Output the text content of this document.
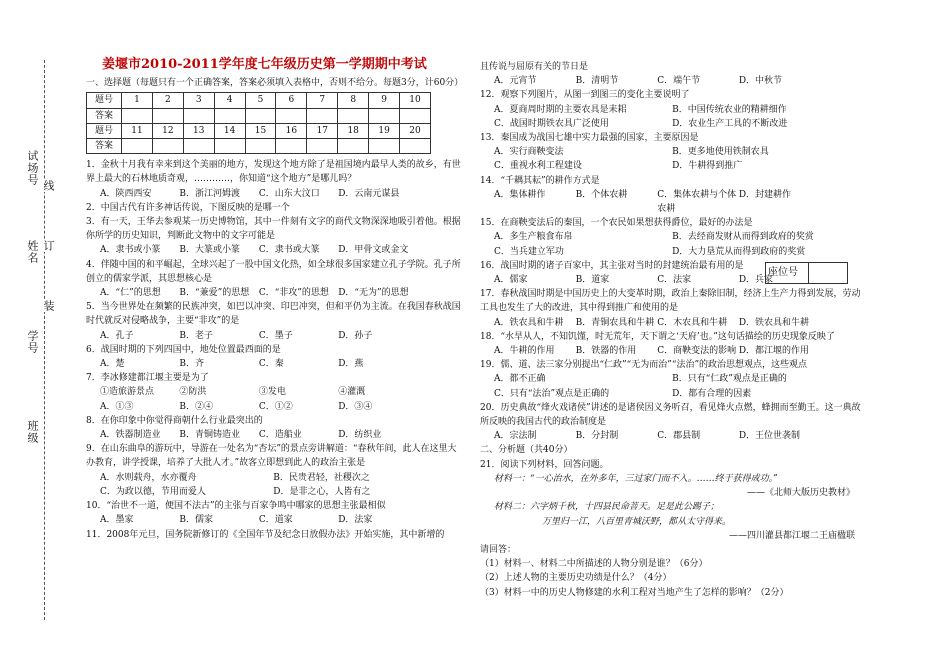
试场号
姓名
学号
班级
装
订
线
姜堰市2010-2011学年度七年级历史第一学期期中考试

一、选择题（每题只有一个正确答案，答案必须填入表格中，否则不给分。每题3分，计60分）

题号	1	2	3	4	5	6	7	8	9	10
答案										
题号	11	12	13	14	15	16	17	18	19	20
答案										

1．金秋十月我有幸来到这个美丽的地方，发现这个地方除了是祖国境内最早人类的故乡，有世界上最大的石林地质奇观，…………，你知道“这个地方”是哪儿吗？

A．陕西西安	B．浙江河姆渡	C．山东大汶口	D．云南元谋县

2．中国古代有许多神话传说，下图反映的是哪一个

3．有一天，王华去参观某一历史博物馆，其中一件刻有文字的商代文物深深地吸引着他。根据你所学的历史知识，判断此文物中的文字可能是

A．隶书或小篆	B．大篆或小篆	C．隶书或大篆	D．甲骨文或金文

4．伴随中国的和平崛起，全球兴起了一股中国文化热，如全球很多国家建立孔子学院。孔子所创立的儒家学派，其思想核心是

A．“仁”的思想	B．“兼爱”的思想	C．“非攻”的思想	D．“无为”的思想

5．当今世界处在频繁的民族冲突，如巴以冲突、印巴冲突，但和平仍为主流。在我国春秋战国时代就反对侵略战争，主要“非攻”的是

A．孔子	B．老子	C．墨子	D．孙子

6．战国时期的下列四国中，地处位置最西面的是

A．楚	B．齐	C．秦	D．燕

7．李冰修建都江堰主要是为了

①造旅游景点	②防洪	③发电	④灌溉
A．①③	B．②④	C．①②	D．③④

8．在你印象中你觉得商朝什么行业最突出的

A．铁器制造业	B．青铜铸造业	C．造船业	D．纺织业

9．在山东曲阜的游玩中，导游在一处名为“杏坛”的景点旁讲解道：“春秋年间，此人在这里大办教育，讲学授课，培养了大批人才。”故客立即想到此人的政治主张是

A．水则载舟，水亦覆舟	B．民贵君轻，社稷次之
C．为政以德，节用而爱人	D．是非之心，人皆有之

10．“治世不一道，便国不法古”的主张与百家争鸣中哪家的思想主张最相似

A．墨家	B．儒家	C．道家	D．法家

11．2008年元旦，国务院新修订的《全国年节及纪念日放假办法》开始实施，其中新增的

且传说与屈原有关的节日是

A．元宵节	B．清明节	C．端午节	D．中秋节

12．观察下列图片，从图一到图三的变化主要说明了

A．夏商周时期的主要农具是耒耜	B．中国传统农业的精耕细作
C．战国时期铁农具广泛使用	D．农业生产工具的不断改进

13．秦国成为战国七雄中实力最强的国家，主要原因是

A．实行商鞅变法	B．更多地使用铁制农具
C．重视水利工程建设	D．牛耕得到推广

14．“千耦其耘”的耕作方式是

A．集体耕作	B．个体农耕	C．集体农耕与个体农耕
D．封建耕作

15．在商鞅变法后的秦国，一个农民如果想获得爵位，最好的办法是

A．多生产粮食布帛	B．去经商发财从而得到政府的奖赏
C．当兵建立军功	D．大力垦荒从而得到政府的奖赏

16．战国时期的诸子百家中，其主张对当时的封建统治最有用的是

A．儒家	B．道家	C．法家	D．兵家

17．春秋战国时期是中国历史上的大变革时期，政治上秦除旧制，经济上生产力得到发展，劳动工具也发生了大的改进，其中得到推广和使用的是

A．铁农具和牛耕	B．青铜农具和牛耕 C．木农具和牛耕	D．铁农具和牛耕

18．“水旱从人，不知饥馑，时无荒年，天下谓之‘天府’也。”这句话描绘的历史现象反映了

A．牛耕的作用	B．铁器的作用	C．商鞅变法的影响 D．都江堰的作用

19．儒、道、法三家分别提出“仁政”“无为而治”“法治”的政治思想观点，这些观点

A．都不正确	B．只有“仁政”观点是正确的
C．只有“法治”观点是正确的	D．都有合理的因素

20．历史典故“烽火戏诸侯”讲述的是诸侯因义务听召，看见烽火点燃，蜂拥而至勤王。这一典故所反映的我国古代的政治制度是

A．宗法制	B．分封制	C．郡县制	D．王位世袭制

二、分析题（共40分）

21．阅读下列材料，回答问题。

材料一：“一心治水，在外多年，三过家门而不入。……终于获得成功。”

——《北师大版历史教材》

材料二：六字炳千秋，十四县民命菩天。足是此公踢子；

万里归一江，八百里青城沃野，都从太守得来。

——四川灌县都江堰二王庙楹联

请回答：

（1）材料一、材料二中所描述的人物分别是谁？（6分）

（2）上述人物的主要历史功绩是什么？（4分）

（3）材料一中的历史人物修建的水利工程对当地产生了怎样的影响？（2分）

座位号
